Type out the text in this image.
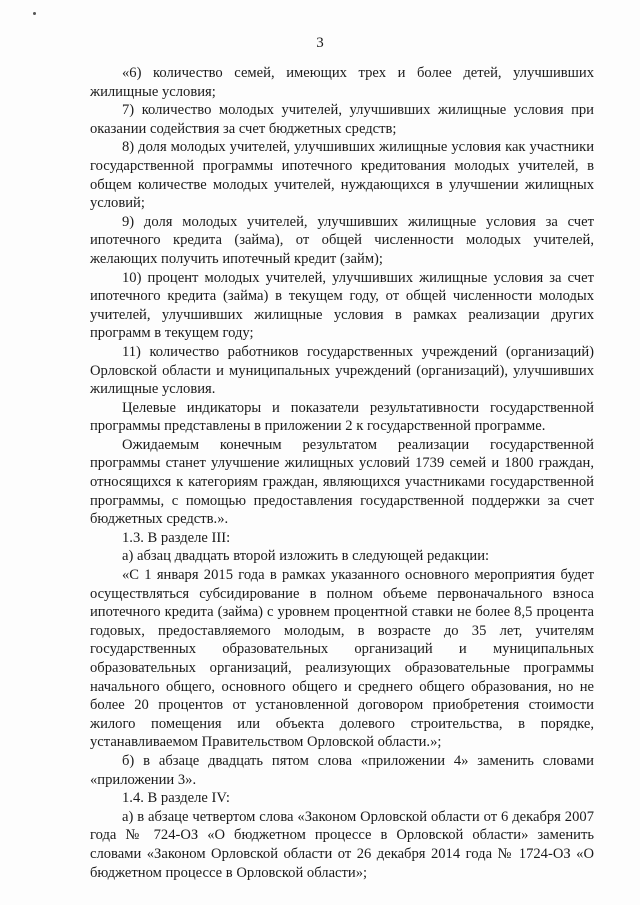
3

«6) количество семей, имеющих трех и более детей, улучшивших жилищные условия;

7) количество молодых учителей, улучшивших жилищные условия при оказании содействия за счет бюджетных средств;

8) доля молодых учителей, улучшивших жилищные условия как участники государственной программы ипотечного кредитования молодых учителей, в общем количестве молодых учителей, нуждающихся в улучшении жилищных условий;

9) доля молодых учителей, улучшивших жилищные условия за счет ипотечного кредита (займа), от общей численности молодых учителей, желающих получить ипотечный кредит (займ);

10) процент молодых учителей, улучшивших жилищные условия за счет ипотечного кредита (займа) в текущем году, от общей численности молодых учителей, улучшивших жилищные условия в рамках реализации других программ в текущем году;

11) количество работников государственных учреждений (организаций) Орловской области и муниципальных учреждений (организаций), улучшивших жилищные условия.

Целевые индикаторы и показатели результативности государственной программы представлены в приложении 2 к государственной программе.

Ожидаемым конечным результатом реализации государственной программы станет улучшение жилищных условий 1739 семей и 1800 граждан, относящихся к категориям граждан, являющихся участниками государственной программы, с помощью предоставления государственной поддержки за счет бюджетных средств.».

1.3. В разделе III:

а) абзац двадцать второй изложить в следующей редакции:

«С 1 января 2015 года в рамках указанного основного мероприятия будет осуществляться субсидирование в полном объеме первоначального взноса ипотечного кредита (займа) с уровнем процентной ставки не более 8,5 процента годовых, предоставляемого молодым, в возрасте до 35 лет, учителям государственных образовательных организаций и муниципальных образовательных организаций, реализующих образовательные программы начального общего, основного общего и среднего общего образования, но не более 20 процентов от установленной договором приобретения стоимости жилого помещения или объекта долевого строительства, в порядке, устанавливаемом Правительством Орловской области.»;

б) в абзаце двадцать пятом слова «приложении 4» заменить словами «приложении 3».

1.4. В разделе IV:

а) в абзаце четвертом слова «Законом Орловской области от 6 декабря 2007 года № 724-ОЗ «О бюджетном процессе в Орловской области» заменить словами «Законом Орловской области от 26 декабря 2014 года № 1724-ОЗ «О бюджетном процессе в Орловской области»;
